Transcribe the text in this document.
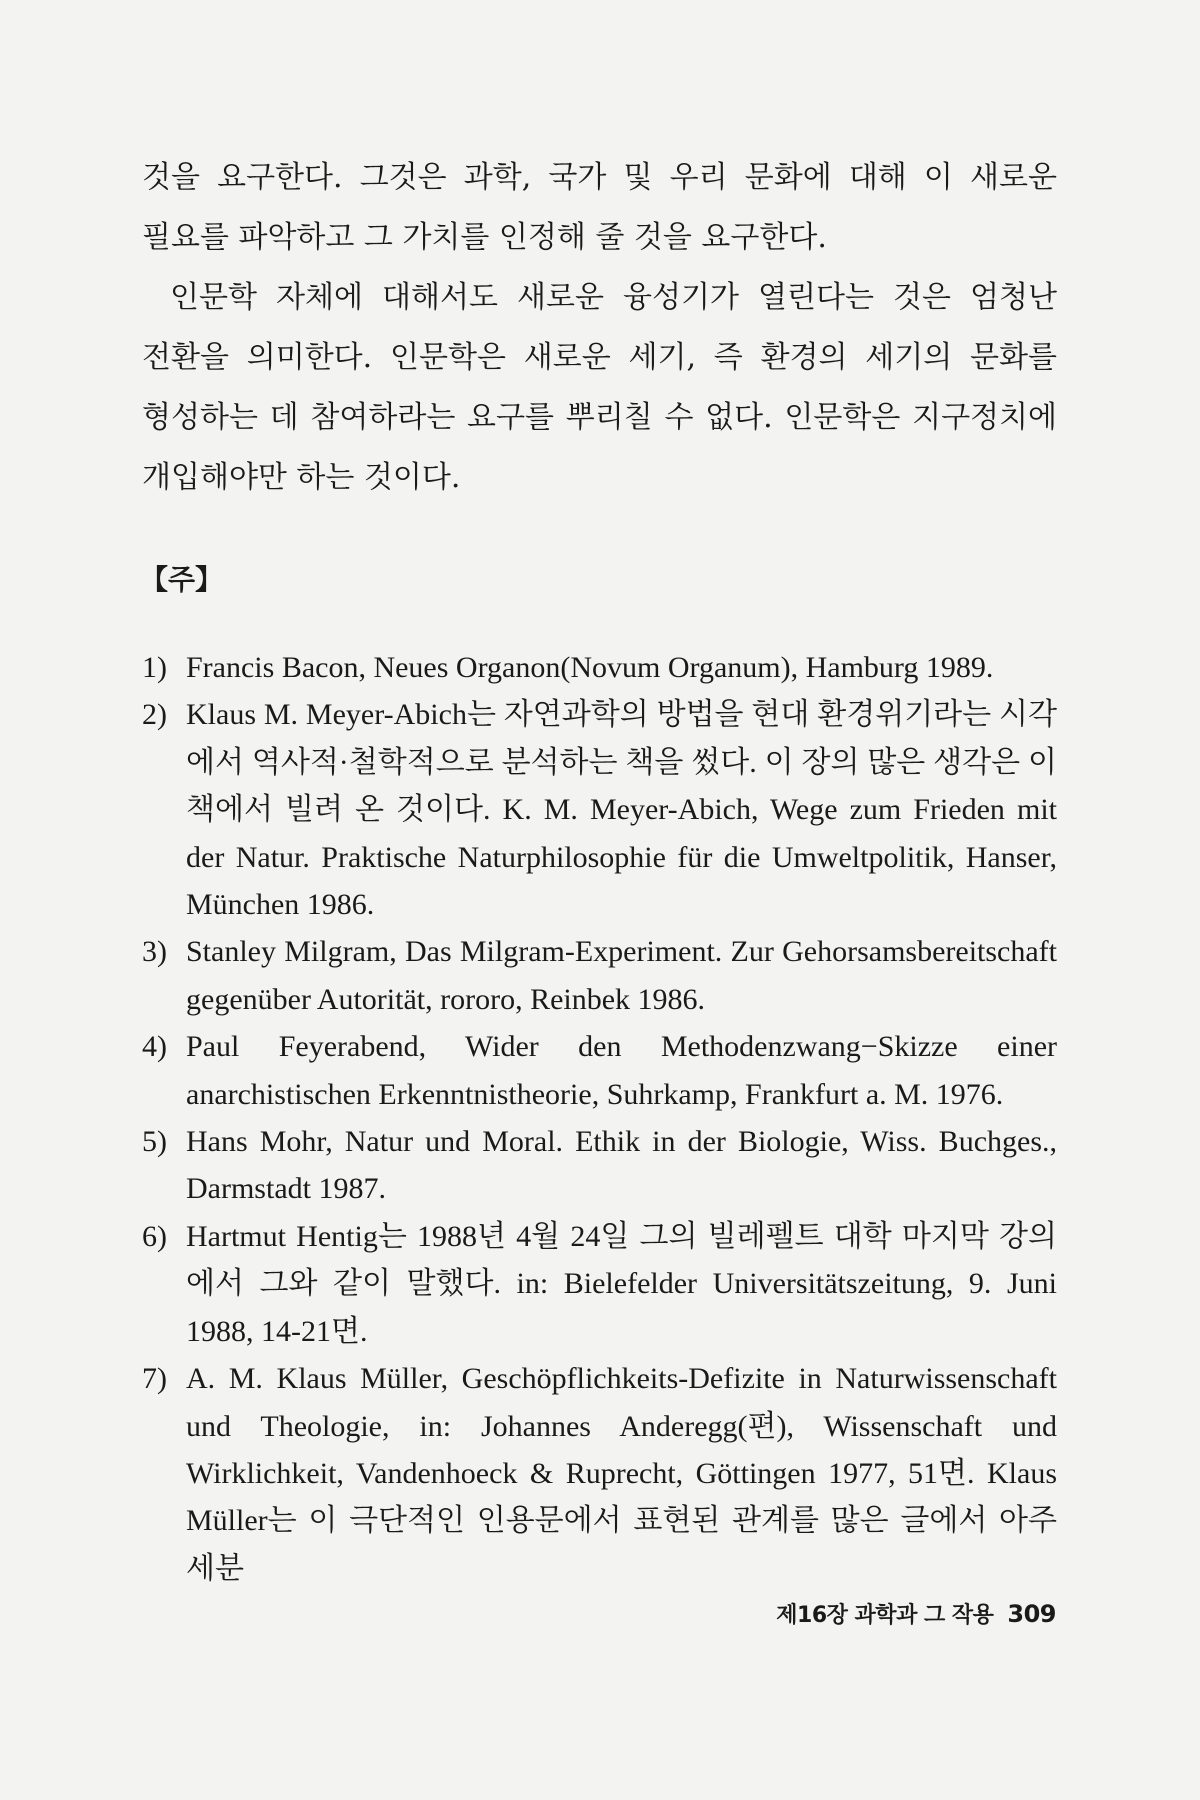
것을 요구한다. 그것은 과학, 국가 및 우리 문화에 대해 이 새로운 필요를 파악하고 그 가치를 인정해 줄 것을 요구한다.

인문학 자체에 대해서도 새로운 융성기가 열린다는 것은 엄청난 전환을 의미한다. 인문학은 새로운 세기, 즉 환경의 세기의 문화를 형성하는 데 참여하라는 요구를 뿌리칠 수 없다. 인문학은 지구정치에 개입해야만 하는 것이다.

【주】
1) Francis Bacon, Neues Organon(Novum Organum), Hamburg 1989.
2) Klaus M. Meyer-Abich는 자연과학의 방법을 현대 환경위기라는 시각에서 역사적·철학적으로 분석하는 책을 썼다. 이 장의 많은 생각은 이 책에서 빌려 온 것이다. K. M. Meyer-Abich, Wege zum Frieden mit der Natur. Praktische Naturphilosophie für die Umweltpolitik, Hanser, München 1986.
3) Stanley Milgram, Das Milgram-Experiment. Zur Gehorsamsbereitschaft gegenüber Autorität, rororo, Reinbek 1986.
4) Paul Feyerabend, Wider den Methodenzwang−Skizze einer anarchistischen Erkenntnistheorie, Suhrkamp, Frankfurt a. M. 1976.
5) Hans Mohr, Natur und Moral. Ethik in der Biologie, Wiss. Buchges., Darmstadt 1987.
6) Hartmut Hentig는 1988년 4월 24일 그의 빌레펠트 대학 마지막 강의에서 그와 같이 말했다. in: Bielefelder Universitätszeitung, 9. Juni 1988, 14-21면.
7) A. M. Klaus Müller, Geschöpflichkeits-Defizite in Naturwissenschaft und Theologie, in: Johannes Anderegg(편), Wissenschaft und Wirklichkeit, Vandenhoeck & Ruprecht, Göttingen 1977, 51면. Klaus Müller는 이 극단적인 인용문에서 표현된 관계를 많은 글에서 아주 세분
제16장 과학과 그 작용 309
